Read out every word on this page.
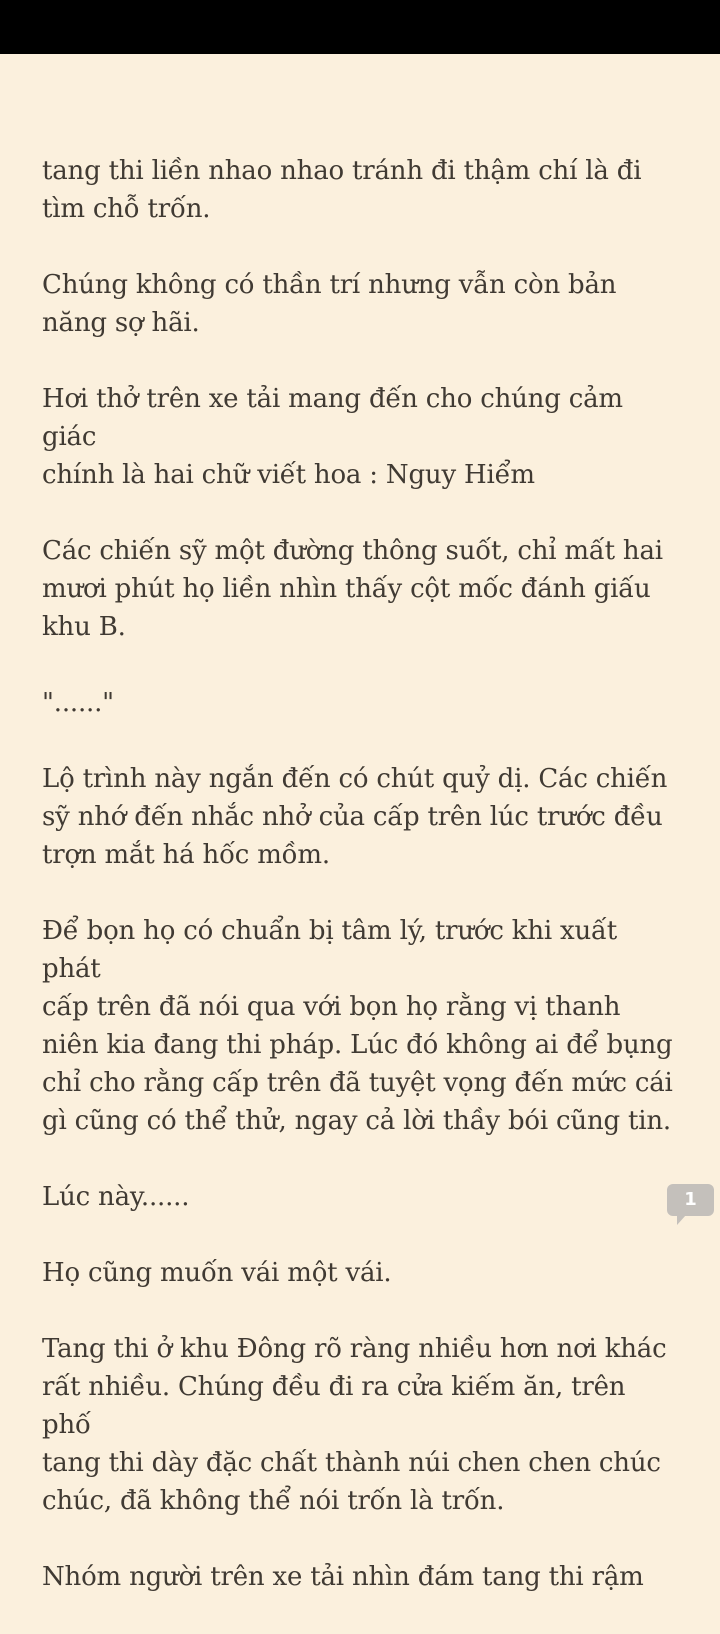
tang thi liền nhao nhao tránh đi thậm chí là đi
tìm chỗ trốn.

Chúng không có thần trí nhưng vẫn còn bản
năng sợ hãi.

Hơi thở trên xe tải mang đến cho chúng cảm giác
chính là hai chữ viết hoa : Nguy Hiểm

Các chiến sỹ một đường thông suốt, chỉ mất hai
mươi phút họ liền nhìn thấy cột mốc đánh giấu
khu B.

"......"

Lộ trình này ngắn đến có chút quỷ dị. Các chiến
sỹ nhớ đến nhắc nhở của cấp trên lúc trước đều
trợn mắt há hốc mồm.

Để bọn họ có chuẩn bị tâm lý, trước khi xuất phát
cấp trên đã nói qua với bọn họ rằng vị thanh
niên kia đang thi pháp. Lúc đó không ai để bụng
chỉ cho rằng cấp trên đã tuyệt vọng đến mức cái
gì cũng có thể thử, ngay cả lời thầy bói cũng tin.

Lúc này......

Họ cũng muốn vái một vái.

Tang thi ở khu Đông rõ ràng nhiều hơn nơi khác
rất nhiều. Chúng đều đi ra cửa kiếm ăn, trên phố
tang thi dày đặc chất thành núi chen chen chúc
chúc, đã không thể nói trốn là trốn.

Nhóm người trên xe tải nhìn đám tang thi rậm

1
